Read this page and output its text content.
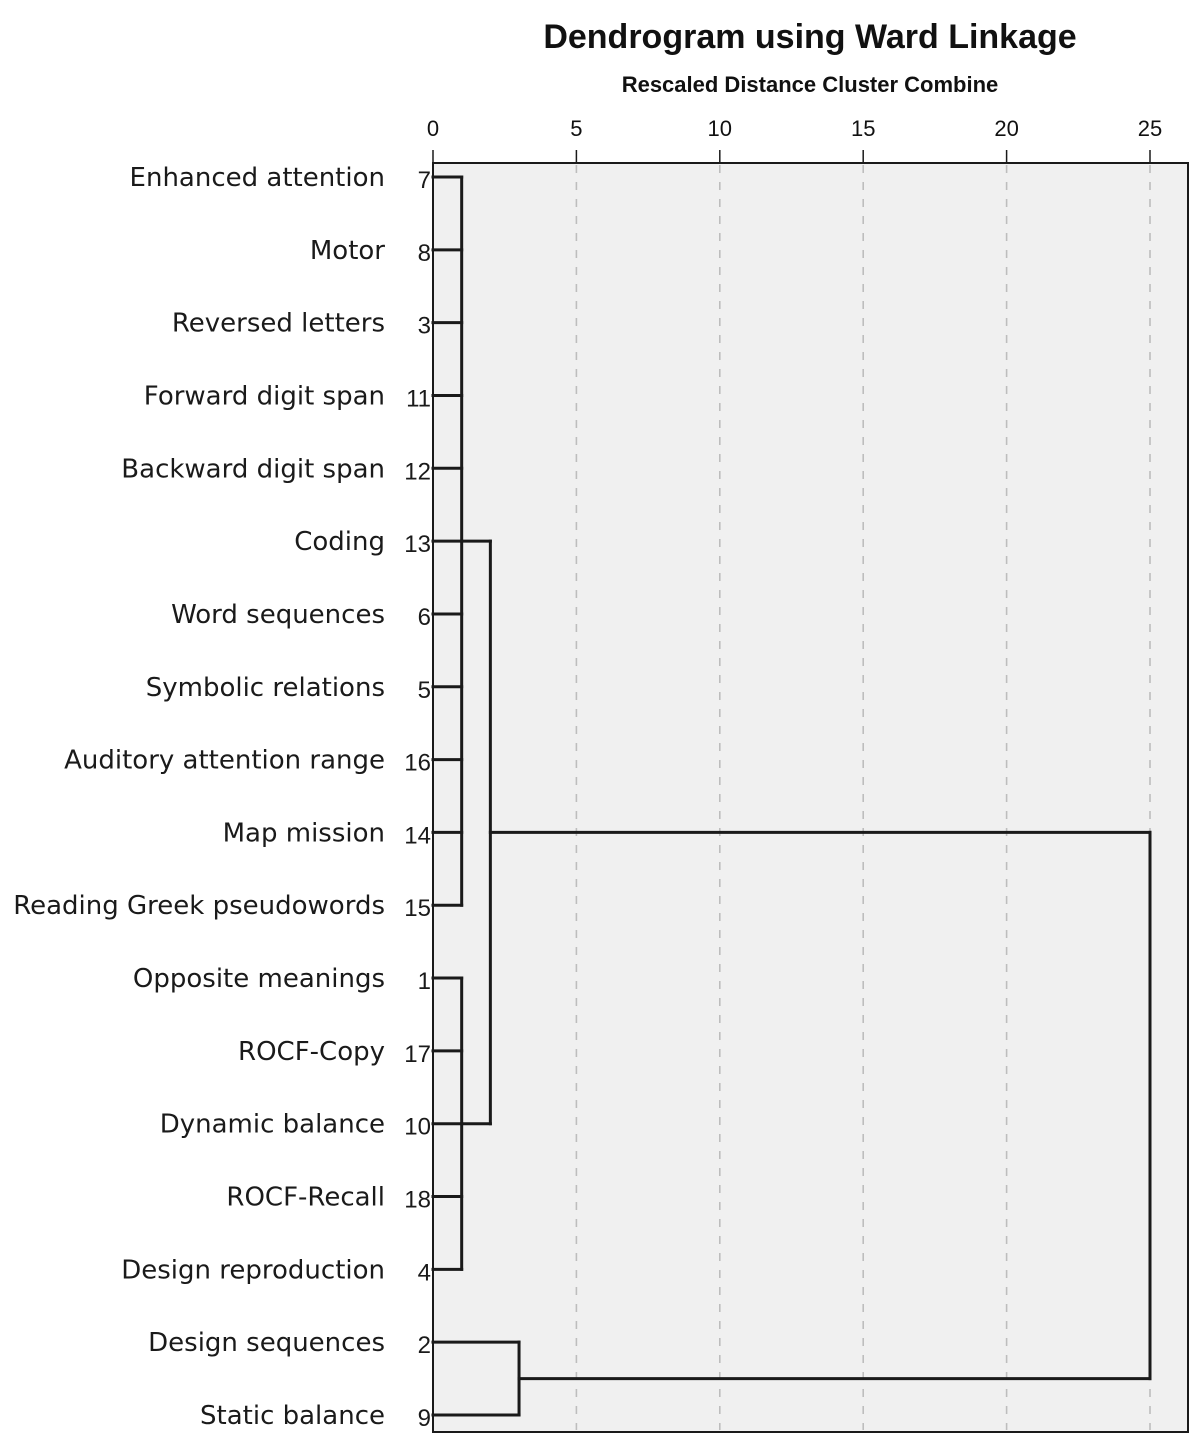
Dendrogram using Ward Linkage
Rescaled Distance Cluster Combine
0	5	10	15	20	25
Enhanced attention 7
Motor 8
Reversed letters 3
Forward digit span 11
Backward digit span 12
Coding 13
Word sequences 6
Symbolic relations 5
Auditory attention range 16
Map mission 14
Reading Greek pseudowords 15
Opposite meanings 1
ROCF-Copy 17
Dynamic balance 10
ROCF-Recall 18
Design reproduction 4
Design sequences 2
Static balance 9
